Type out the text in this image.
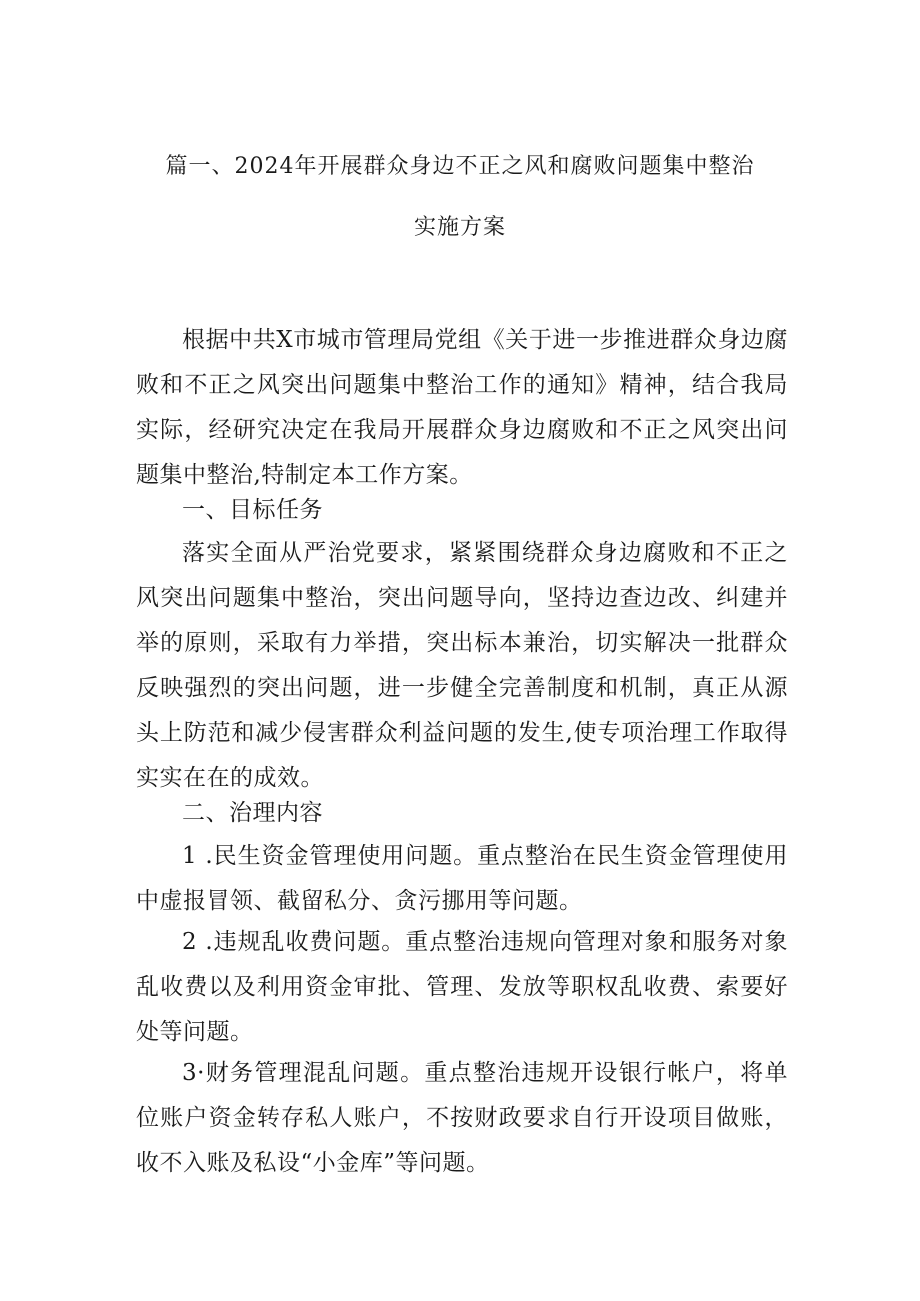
篇一、2024年开展群众身边不正之风和腐败问题集中整治
实施方案

根据中共X市城市管理局党组《关于进一步推进群众身边腐败和不正之风突出问题集中整治工作的通知》精神，结合我局实际，经研究决定在我局开展群众身边腐败和不正之风突出问题集中整治,特制定本工作方案。

一、目标任务

落实全面从严治党要求，紧紧围绕群众身边腐败和不正之风突出问题集中整治，突出问题导向，坚持边查边改、纠建并举的原则，采取有力举措，突出标本兼治，切实解决一批群众反映强烈的突出问题，进一步健全完善制度和机制，真正从源头上防范和减少侵害群众利益问题的发生,使专项治理工作取得实实在在的成效。

二、治理内容

1 .民生资金管理使用问题。重点整治在民生资金管理使用中虚报冒领、截留私分、贪污挪用等问题。

2 .违规乱收费问题。重点整治违规向管理对象和服务对象乱收费以及利用资金审批、管理、发放等职权乱收费、索要好处等问题。

3·财务管理混乱问题。重点整治违规开设银行帐户，将单位账户资金转存私人账户，不按财政要求自行开设项目做账，收不入账及私设“小金库”等问题。
